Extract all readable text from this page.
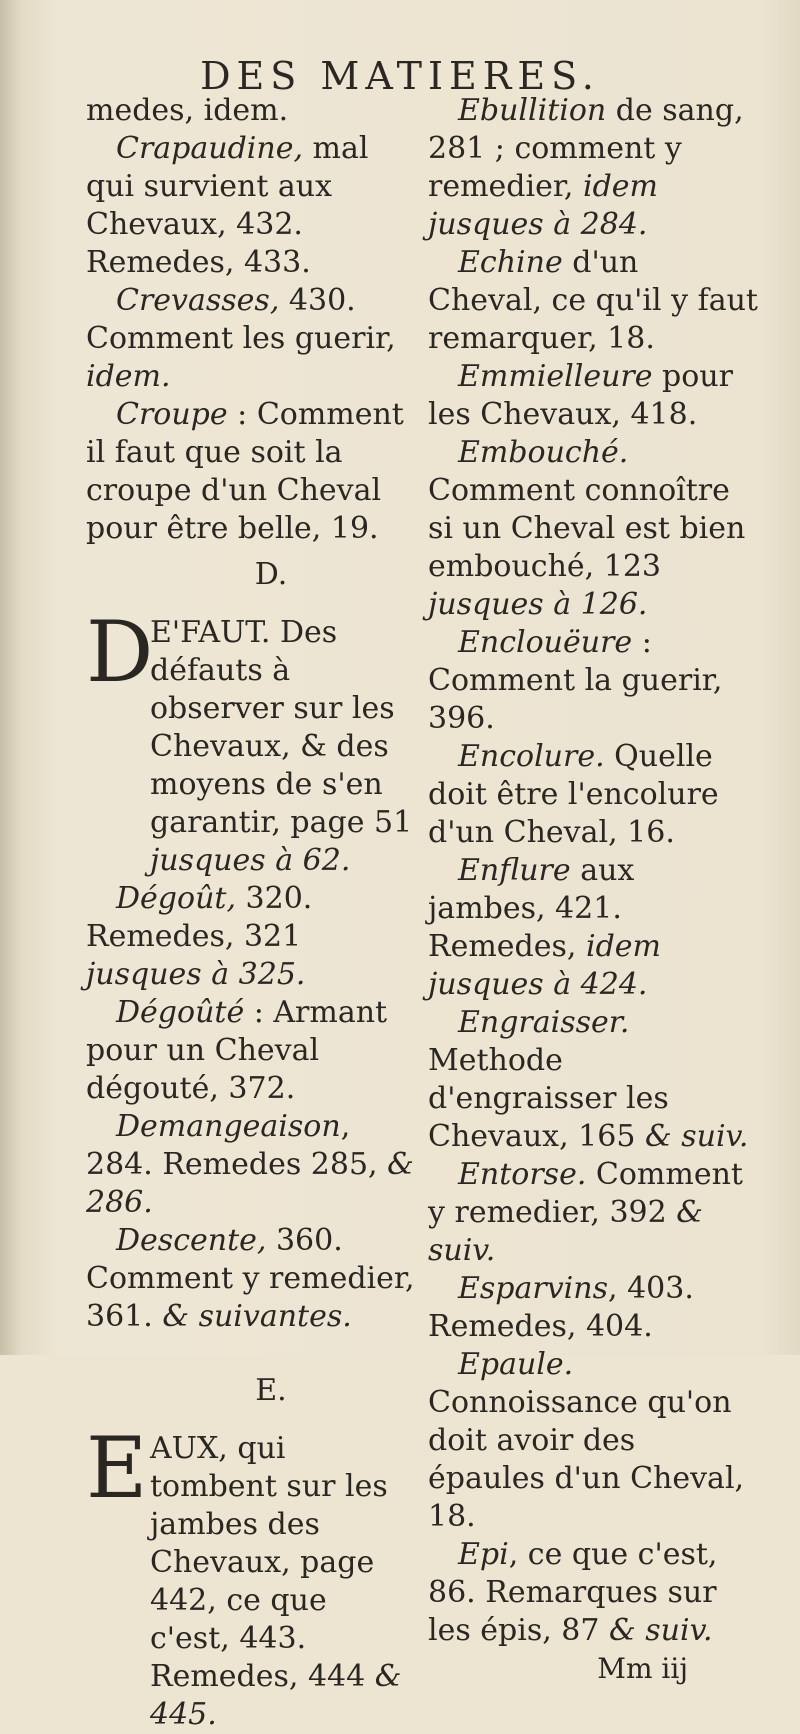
DES MATIERES.

medes, idem.

Crapaudine, mal qui survient aux Chevaux, 432. Remedes, 433.

Crevasses, 430. Comment les guerir, idem.

Croupe : Comment il faut que soit la croupe d'un Cheval pour être belle, 19.

D.

D
E'FAUT. Des défauts à observer sur les Chevaux, & des moyens de s'en garantir, page 51 jusques à 62.

Dégoût, 320. Remedes, 321 jusques à 325.

Dégoûté : Armant pour un Cheval dégouté, 372.

Demangeaison, 284. Remedes 285, & 286.

Descente, 360. Comment y remedier, 361. & suivantes.

E.

E AUX, qui tombent sur les jambes des Chevaux, page 442, ce que c'est, 443. Remedes, 444 & 445.

Ebullition de sang, 281 ; comment y remedier, idem jusques à 284.

Echine d'un Cheval, ce qu'il y faut remarquer, 18.

Emmielleure pour les Chevaux, 418.

Embouché. Comment connoître si un Cheval est bien embouché, 123 jusques à 126.

Enclouëure : Comment la guerir, 396.

Encolure. Quelle doit être l'encolure d'un Cheval, 16.

Enflure aux jambes, 421. Remedes, idem jusques à 424.

Engraisser. Methode d'engraisser les Chevaux, 165 & suiv.

Entorse. Comment y remedier, 392 & suiv.

Esparvins, 403. Remedes, 404.

Epaule. Connoissance qu'on doit avoir des épaules d'un Cheval, 18.

Epi, ce que c'est, 86. Remarques sur les épis, 87 & suiv.

Mm iij
